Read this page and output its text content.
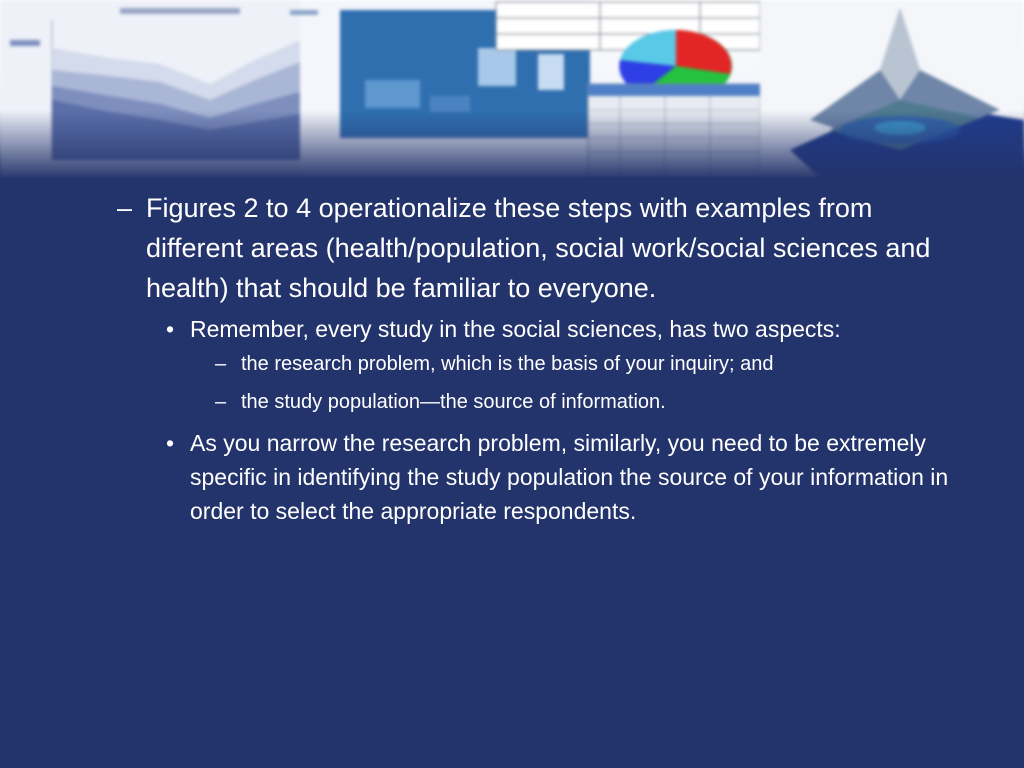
– Figures 2 to 4 operationalize these steps with examples from different areas (health/population, social work/social sciences and health) that should be familiar to everyone.
• Remember, every study in the social sciences, has two aspects:
– the research problem, which is the basis of your inquiry; and
– the study population—the source of information.
• As you narrow the research problem, similarly, you need to be extremely specific in identifying the study population the source of your information in order to select the appropriate respondents.
